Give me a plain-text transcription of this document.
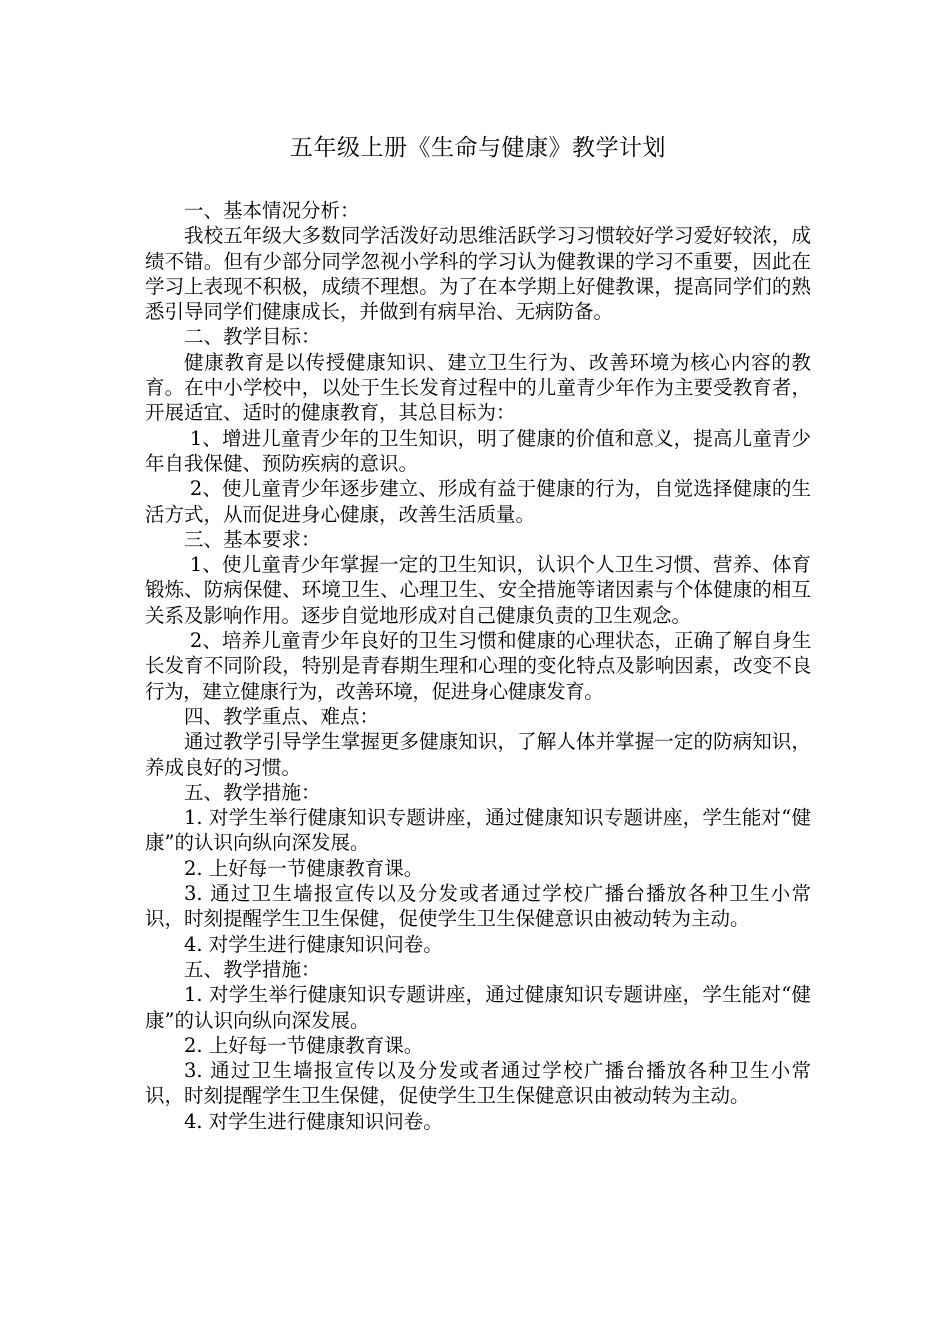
五年级上册《生命与健康》教学计划

一、基本情况分析：

我校五年级大多数同学活泼好动思维活跃学习习惯较好学习爱好较浓，成绩不错。但有少部分同学忽视小学科的学习认为健教课的学习不重要，因此在学习上表现不积极，成绩不理想。为了在本学期上好健教课，提高同学们的熟悉引导同学们健康成长，并做到有病早治、无病防备。

二、教学目标：

健康教育是以传授健康知识、建立卫生行为、改善环境为核心内容的教育。在中小学校中，以处于生长发育过程中的儿童青少年作为主要受教育者，开展适宜、适时的健康教育，其总目标为：

1、增进儿童青少年的卫生知识，明了健康的价值和意义，提高儿童青少年自我保健、预防疾病的意识。

2、使儿童青少年逐步建立、形成有益于健康的行为，自觉选择健康的生活方式，从而促进身心健康，改善生活质量。

三、基本要求：

1、使儿童青少年掌握一定的卫生知识，认识个人卫生习惯、营养、体育锻炼、防病保健、环境卫生、心理卫生、安全措施等诸因素与个体健康的相互关系及影响作用。逐步自觉地形成对自己健康负责的卫生观念。

2、培养儿童青少年良好的卫生习惯和健康的心理状态，正确了解自身生长发育不同阶段，特别是青春期生理和心理的变化特点及影响因素，改变不良行为，建立健康行为，改善环境，促进身心健康发育。

四、教学重点、难点：

通过教学引导学生掌握更多健康知识，了解人体并掌握一定的防病知识，养成良好的习惯。

五、教学措施：

1. 对学生举行健康知识专题讲座，通过健康知识专题讲座，学生能对“健康”的认识向纵向深发展。

2. 上好每一节健康教育课。

3. 通过卫生墙报宣传以及分发或者通过学校广播台播放各种卫生小常识，时刻提醒学生卫生保健，促使学生卫生保健意识由被动转为主动。

4. 对学生进行健康知识问卷。

五、教学措施：

1. 对学生举行健康知识专题讲座，通过健康知识专题讲座，学生能对“健康”的认识向纵向深发展。

2. 上好每一节健康教育课。

3. 通过卫生墙报宣传以及分发或者通过学校广播台播放各种卫生小常识，时刻提醒学生卫生保健，促使学生卫生保健意识由被动转为主动。

4. 对学生进行健康知识问卷。
